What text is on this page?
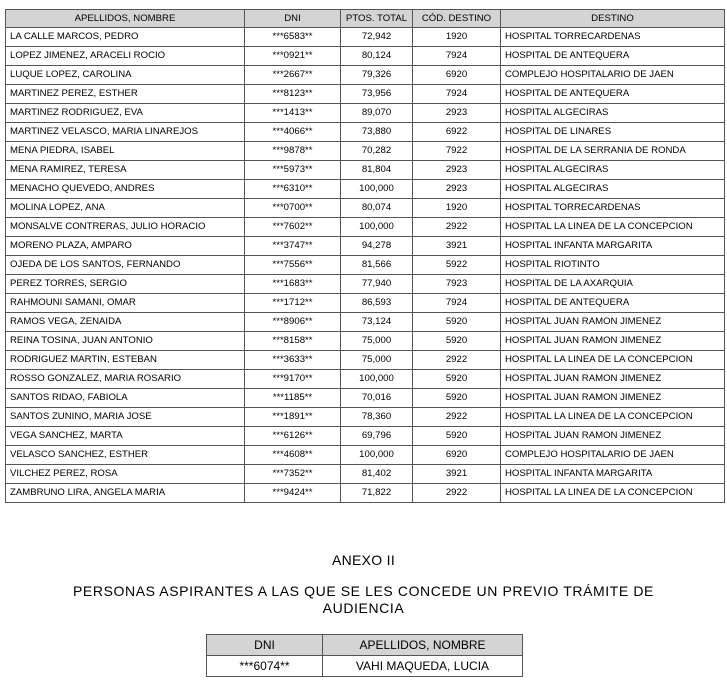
APELLIDOS, NOMBRE	DNI	PTOS. TOTAL	CÓD. DESTINO	DESTINO
LA CALLE MARCOS, PEDRO	***6583**	72,942	1920	HOSPITAL TORRECARDENAS
LOPEZ JIMENEZ, ARACELI ROCIO	***0921**	80,124	7924	HOSPITAL DE ANTEQUERA
LUQUE LOPEZ, CAROLINA	***2667**	79,326	6920	COMPLEJO HOSPITALARIO DE JAEN
MARTINEZ PEREZ, ESTHER	***8123**	73,956	7924	HOSPITAL DE ANTEQUERA
MARTINEZ RODRIGUEZ, EVA	***1413**	89,070	2923	HOSPITAL ALGECIRAS
MARTINEZ VELASCO, MARIA LINAREJOS	***4066**	73,880	6922	HOSPITAL DE LINARES
MENA PIEDRA, ISABEL	***9878**	70,282	7922	HOSPITAL DE LA SERRANIA DE RONDA
MENA RAMIREZ, TERESA	***5973**	81,804	2923	HOSPITAL ALGECIRAS
MENACHO QUEVEDO, ANDRES	***6310**	100,000	2923	HOSPITAL ALGECIRAS
MOLINA LOPEZ, ANA	***0700**	80,074	1920	HOSPITAL TORRECARDENAS
MONSALVE CONTRERAS, JULIO HORACIO	***7602**	100,000	2922	HOSPITAL LA LINEA DE LA CONCEPCION
MORENO PLAZA, AMPARO	***3747**	94,278	3921	HOSPITAL INFANTA MARGARITA
OJEDA DE LOS SANTOS, FERNANDO	***7556**	81,566	5922	HOSPITAL RIOTINTO
PEREZ TORRES, SERGIO	***1683**	77,940	7923	HOSPITAL DE LA AXARQUIA
RAHMOUNI SAMANI, OMAR	***1712**	86,593	7924	HOSPITAL DE ANTEQUERA
RAMOS VEGA, ZENAIDA	***8906**	73,124	5920	HOSPITAL JUAN RAMON JIMENEZ
REINA TOSINA, JUAN ANTONIO	***8158**	75,000	5920	HOSPITAL JUAN RAMON JIMENEZ
RODRIGUEZ MARTIN, ESTEBAN	***3633**	75,000	2922	HOSPITAL LA LINEA DE LA CONCEPCION
ROSSO GONZALEZ, MARIA ROSARIO	***9170**	100,000	5920	HOSPITAL JUAN RAMON JIMENEZ
SANTOS RIDAO, FABIOLA	***1185**	70,016	5920	HOSPITAL JUAN RAMON JIMENEZ
SANTOS ZUNINO, MARIA JOSE	***1891**	78,360	2922	HOSPITAL LA LINEA DE LA CONCEPCION
VEGA SANCHEZ, MARTA	***6126**	69,796	5920	HOSPITAL JUAN RAMON JIMENEZ
VELASCO SANCHEZ, ESTHER	***4608**	100,000	6920	COMPLEJO HOSPITALARIO DE JAEN
VILCHEZ PEREZ, ROSA	***7352**	81,402	3921	HOSPITAL INFANTA MARGARITA
ZAMBRUNO LIRA, ANGELA MARIA	***9424**	71,822	2922	HOSPITAL LA LINEA DE LA CONCEPCION
ANEXO II
PERSONAS ASPIRANTES A LAS QUE SE LES CONCEDE UN PREVIO TRÁMITE DE AUDIENCIA
DNI	APELLIDOS, NOMBRE
***6074**	VAHI MAQUEDA, LUCIA
